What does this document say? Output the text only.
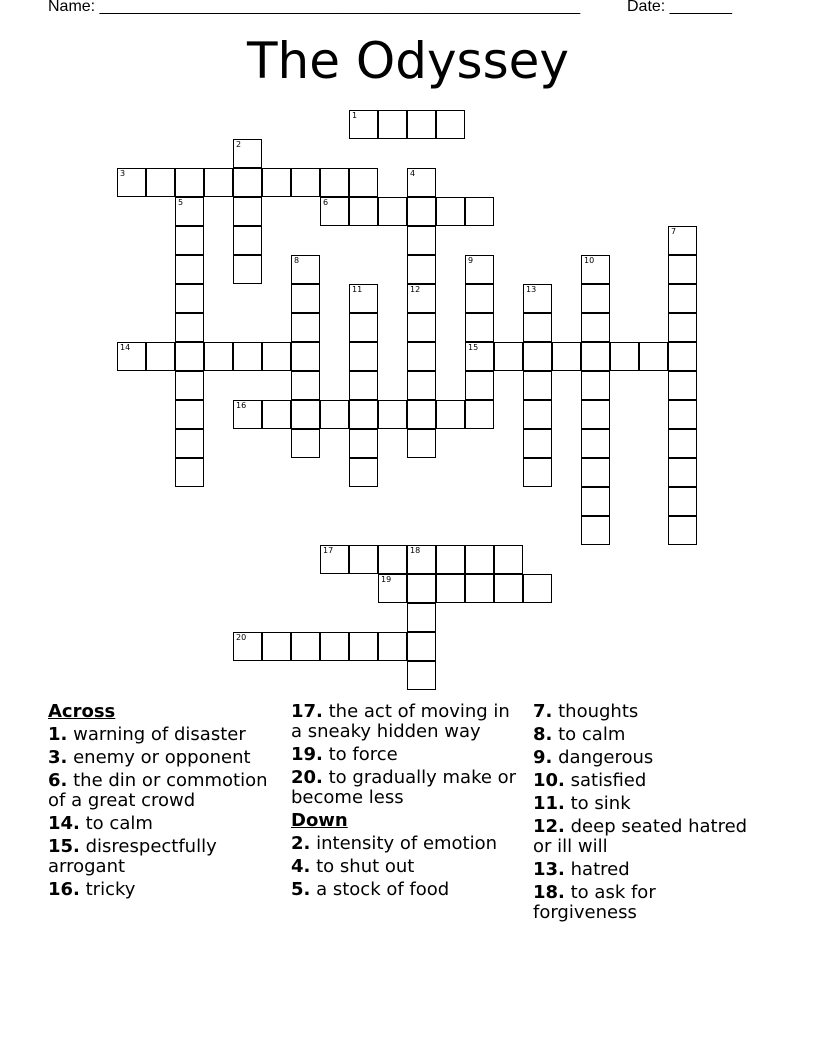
Name: ______________________________________________________	Date: _______
The Odyssey
1
2
3	4
5	6
7
8	9
15
10
11	12	13
14
16
17	18
19
20
Across
1. warning of disaster
3. enemy or opponent
6. the din or commotion of a great crowd
14. to calm
15. disrespectfully arrogant
16. tricky
17. the act of moving in a sneaky hidden way
19. to force
20. to gradually make or become less
Down
2. intensity of emotion
4. to shut out
5. a stock of food
7. thoughts
8. to calm
9. dangerous
10. satisfied
11. to sink
12. deep seated hatred or ill will
13. hatred
18. to ask for forgiveness
